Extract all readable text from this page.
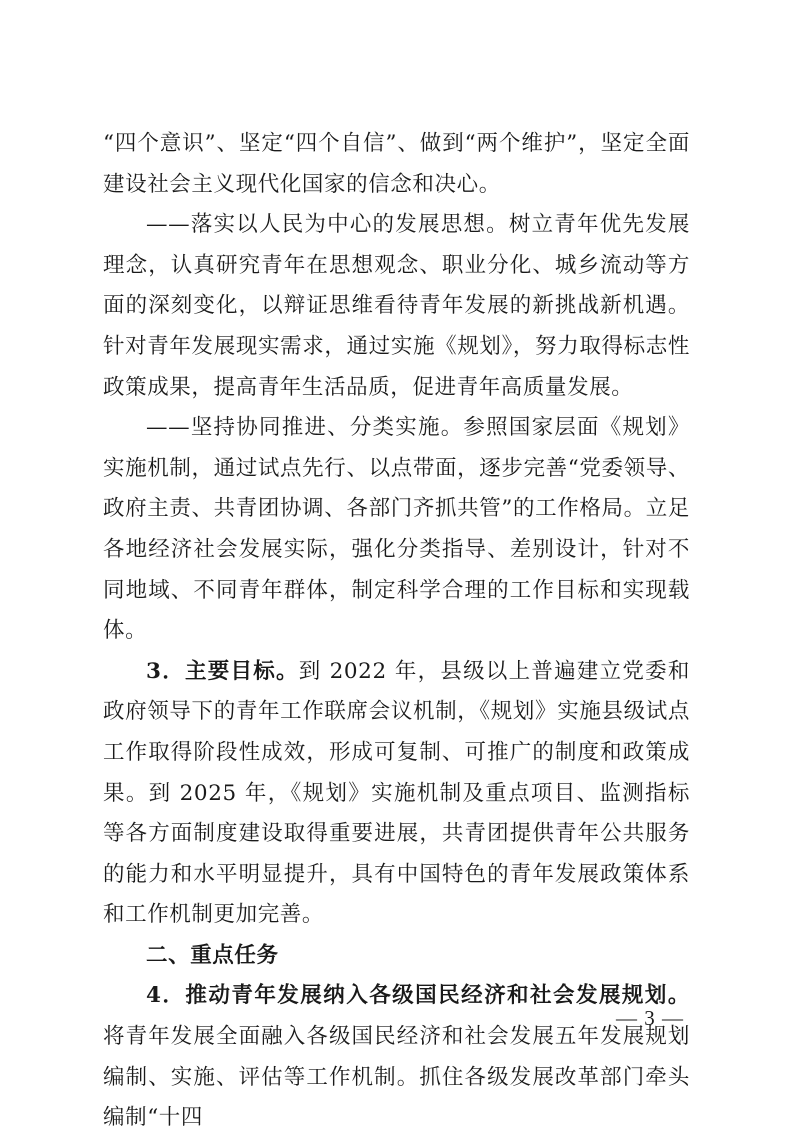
“四个意识”、坚定“四个自信”、做到“两个维护”，坚定全面建设社会主义现代化国家的信念和决心。

——落实以人民为中心的发展思想。树立青年优先发展理念，认真研究青年在思想观念、职业分化、城乡流动等方面的深刻变化，以辩证思维看待青年发展的新挑战新机遇。针对青年发展现实需求，通过实施《规划》，努力取得标志性政策成果，提高青年生活品质，促进青年高质量发展。

——坚持协同推进、分类实施。参照国家层面《规划》实施机制，通过试点先行、以点带面，逐步完善“党委领导、政府主责、共青团协调、各部门齐抓共管”的工作格局。立足各地经济社会发展实际，强化分类指导、差别设计，针对不同地域、不同青年群体，制定科学合理的工作目标和实现载体。

3．主要目标。到 2022 年，县级以上普遍建立党委和政府领导下的青年工作联席会议机制，《规划》实施县级试点工作取得阶段性成效，形成可复制、可推广的制度和政策成果。到 2025 年，《规划》实施机制及重点项目、监测指标等各方面制度建设取得重要进展，共青团提供青年公共服务的能力和水平明显提升，具有中国特色的青年发展政策体系和工作机制更加完善。

二、重点任务

4．推动青年发展纳入各级国民经济和社会发展规划。将青年发展全面融入各级国民经济和社会发展五年发展规划编制、实施、评估等工作机制。抓住各级发展改革部门牵头编制“十四

— 3 —
